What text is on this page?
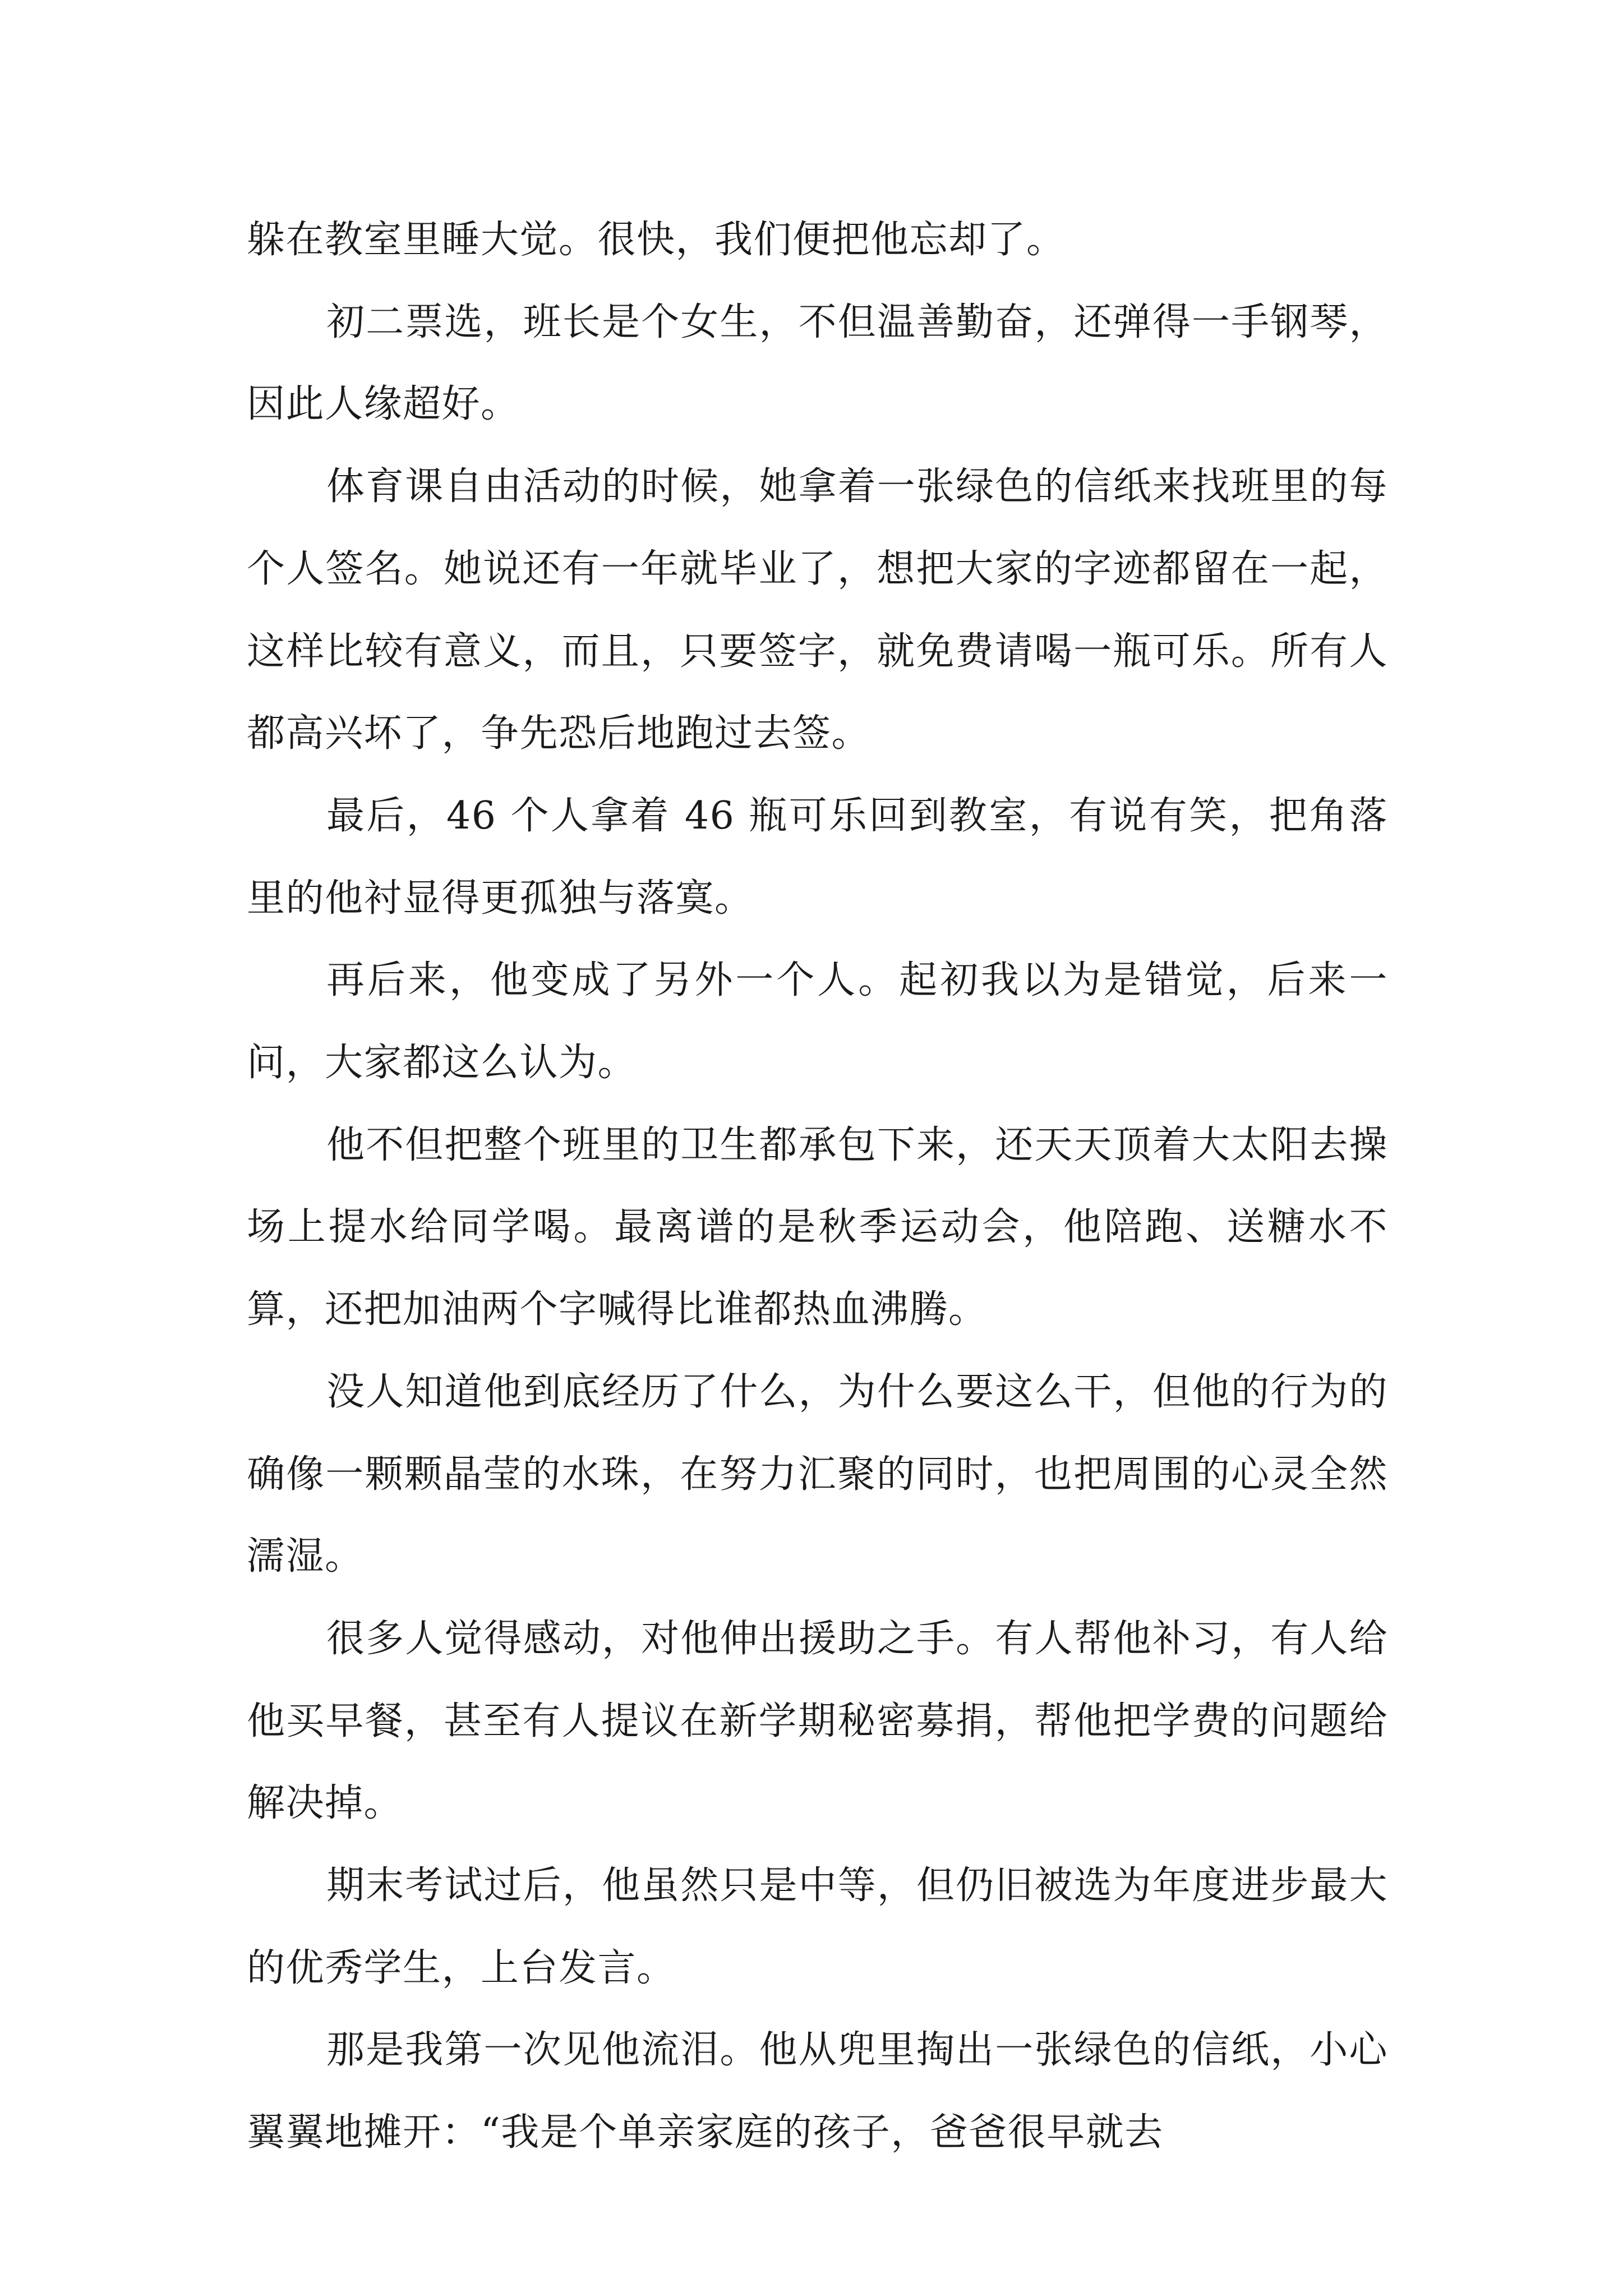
躲在教室里睡大觉。很快，我们便把他忘却了。

初二票选，班长是个女生，不但温善勤奋，还弹得一手钢琴，因此人缘超好。

体育课自由活动的时候，她拿着一张绿色的信纸来找班里的每个人签名。她说还有一年就毕业了，想把大家的字迹都留在一起，这样比较有意义，而且，只要签字，就免费请喝一瓶可乐。所有人都高兴坏了，争先恐后地跑过去签。

最后，46 个人拿着 46 瓶可乐回到教室，有说有笑，把角落里的他衬显得更孤独与落寞。

再后来，他变成了另外一个人。起初我以为是错觉，后来一问，大家都这么认为。

他不但把整个班里的卫生都承包下来，还天天顶着大太阳去操场上提水给同学喝。最离谱的是秋季运动会，他陪跑、送糖水不算，还把加油两个字喊得比谁都热血沸腾。

没人知道他到底经历了什么，为什么要这么干，但他的行为的确像一颗颗晶莹的水珠，在努力汇聚的同时，也把周围的心灵全然濡湿。

很多人觉得感动，对他伸出援助之手。有人帮他补习，有人给他买早餐，甚至有人提议在新学期秘密募捐，帮他把学费的问题给解决掉。

期末考试过后，他虽然只是中等，但仍旧被选为年度进步最大的优秀学生，上台发言。

那是我第一次见他流泪。他从兜里掏出一张绿色的信纸，小心翼翼地摊开：“我是个单亲家庭的孩子，爸爸很早就去
